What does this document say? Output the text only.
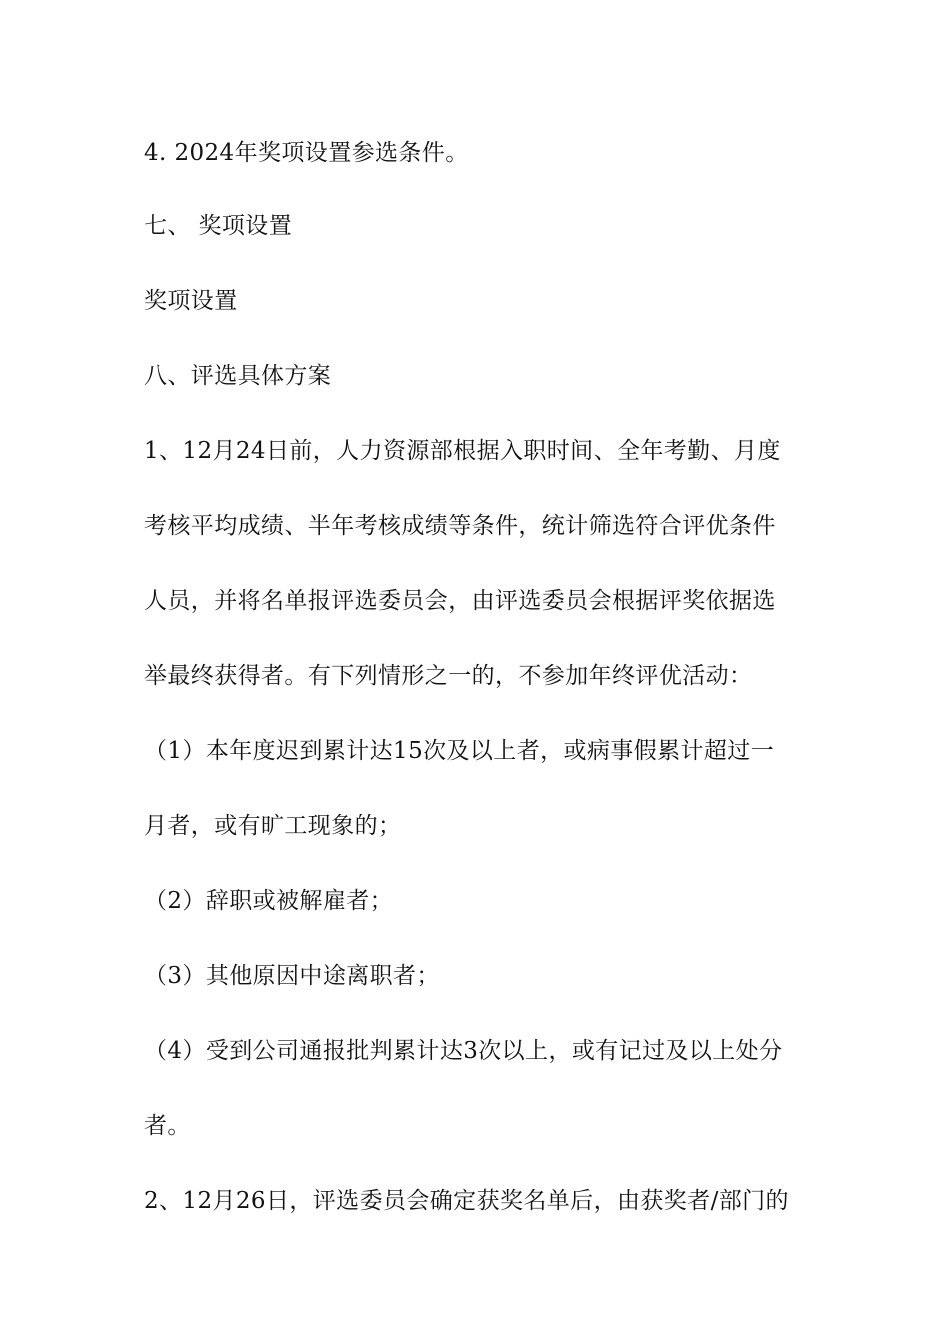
4. 2024年奖项设置参选条件。
七、 奖项设置
奖项设置
八、评选具体方案
1、12月24日前，人力资源部根据入职时间、全年考勤、月度
考核平均成绩、半年考核成绩等条件，统计筛选符合评优条件
人员，并将名单报评选委员会，由评选委员会根据评奖依据选
举最终获得者。有下列情形之一的，不参加年终评优活动：
（1）本年度迟到累计达15次及以上者，或病事假累计超过一
月者，或有旷工现象的；
（2）辞职或被解雇者；
（3）其他原因中途离职者；
（4）受到公司通报批判累计达3次以上，或有记过及以上处分
者。
2、12月26日，评选委员会确定获奖名单后，由获奖者/部门的
